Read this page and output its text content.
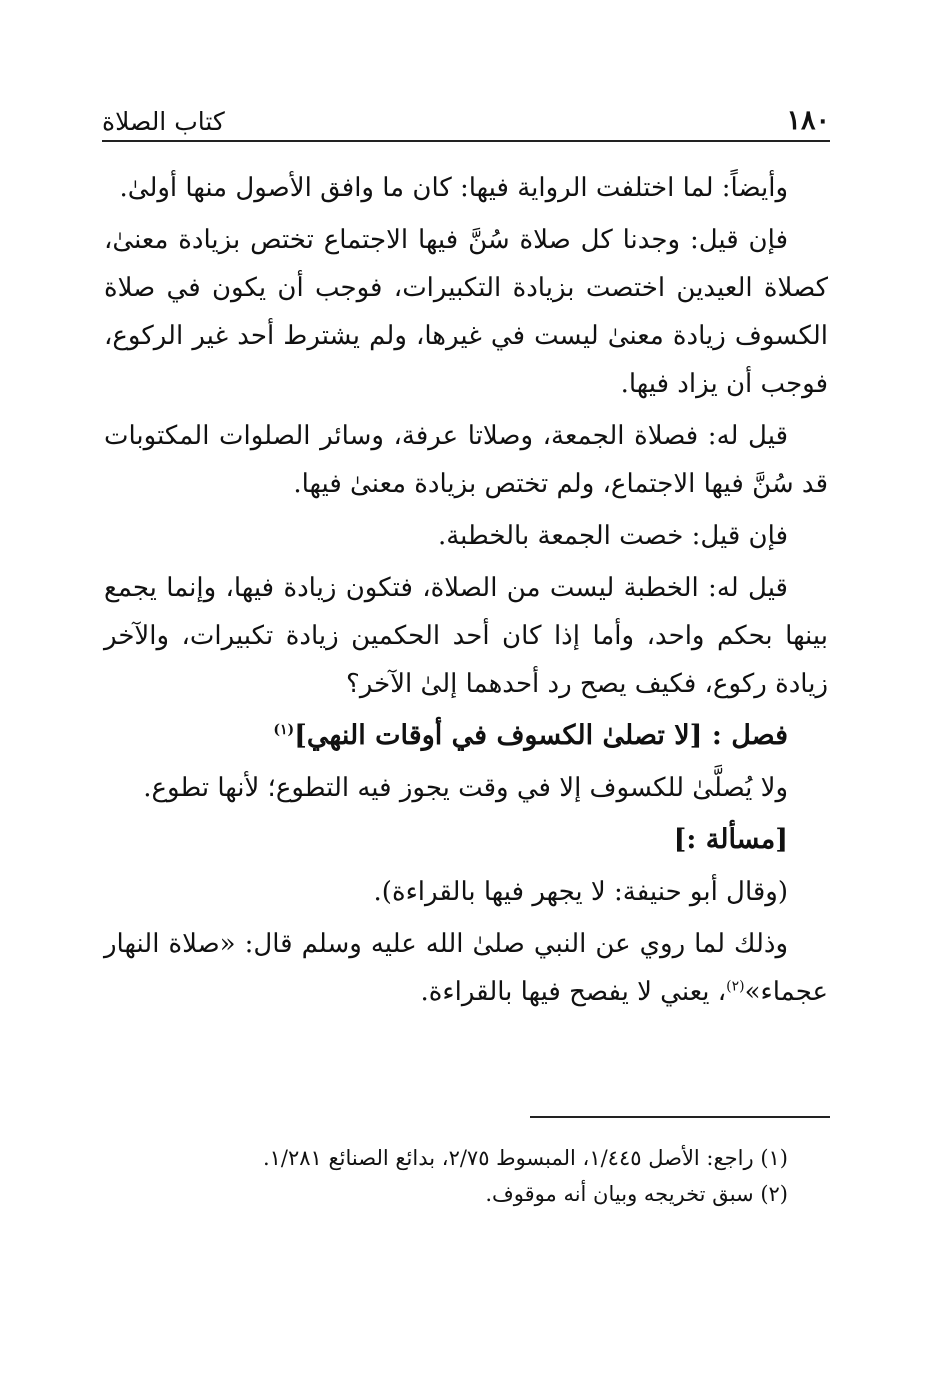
١٨٠
كتاب الصلاة

وأيضاً: لما اختلفت الرواية فيها: كان ما وافق الأصول منها أولىٰ.

فإن قيل: وجدنا كل صلاة سُنَّ فيها الاجتماع تختص بزيادة معنىٰ، كصلاة العيدين اختصت بزيادة التكبيرات، فوجب أن يكون في صلاة الكسوف زيادة معنىٰ ليست في غيرها، ولم يشترط أحد غير الركوع، فوجب أن يزاد فيها.

قيل له: فصلاة الجمعة، وصلاتا عرفة، وسائر الصلوات المكتوبات قد سُنَّ فيها الاجتماع، ولم تختص بزيادة معنىٰ فيها.

فإن قيل: خصت الجمعة بالخطبة.

قيل له: الخطبة ليست من الصلاة، فتكون زيادة فيها، وإنما يجمع بينها بحكم واحد، وأما إذا كان أحد الحكمين زيادة تكبيرات، والآخر زيادة ركوع، فكيف يصح رد أحدهما إلىٰ الآخر؟

فصل : [لا تصلىٰ الكسوف في أوقات النهي]$^{(١)}$

ولا يُصلَّىٰ للكسوف إلا في وقت يجوز فيه التطوع؛ لأنها تطوع.

[مسألة :]

(وقال أبو حنيفة: لا يجهر فيها بالقراءة).

وذلك لما روي عن النبي صلىٰ الله عليه وسلم قال: «صلاة النهار عجماء»$^{(٢)}$، يعني لا يفصح فيها بالقراءة.

(١) راجع: الأصل ١/٤٤٥، المبسوط ٢/٧٥، بدائع الصنائع ١/٢٨١.

(٢) سبق تخريجه وبيان أنه موقوف.
